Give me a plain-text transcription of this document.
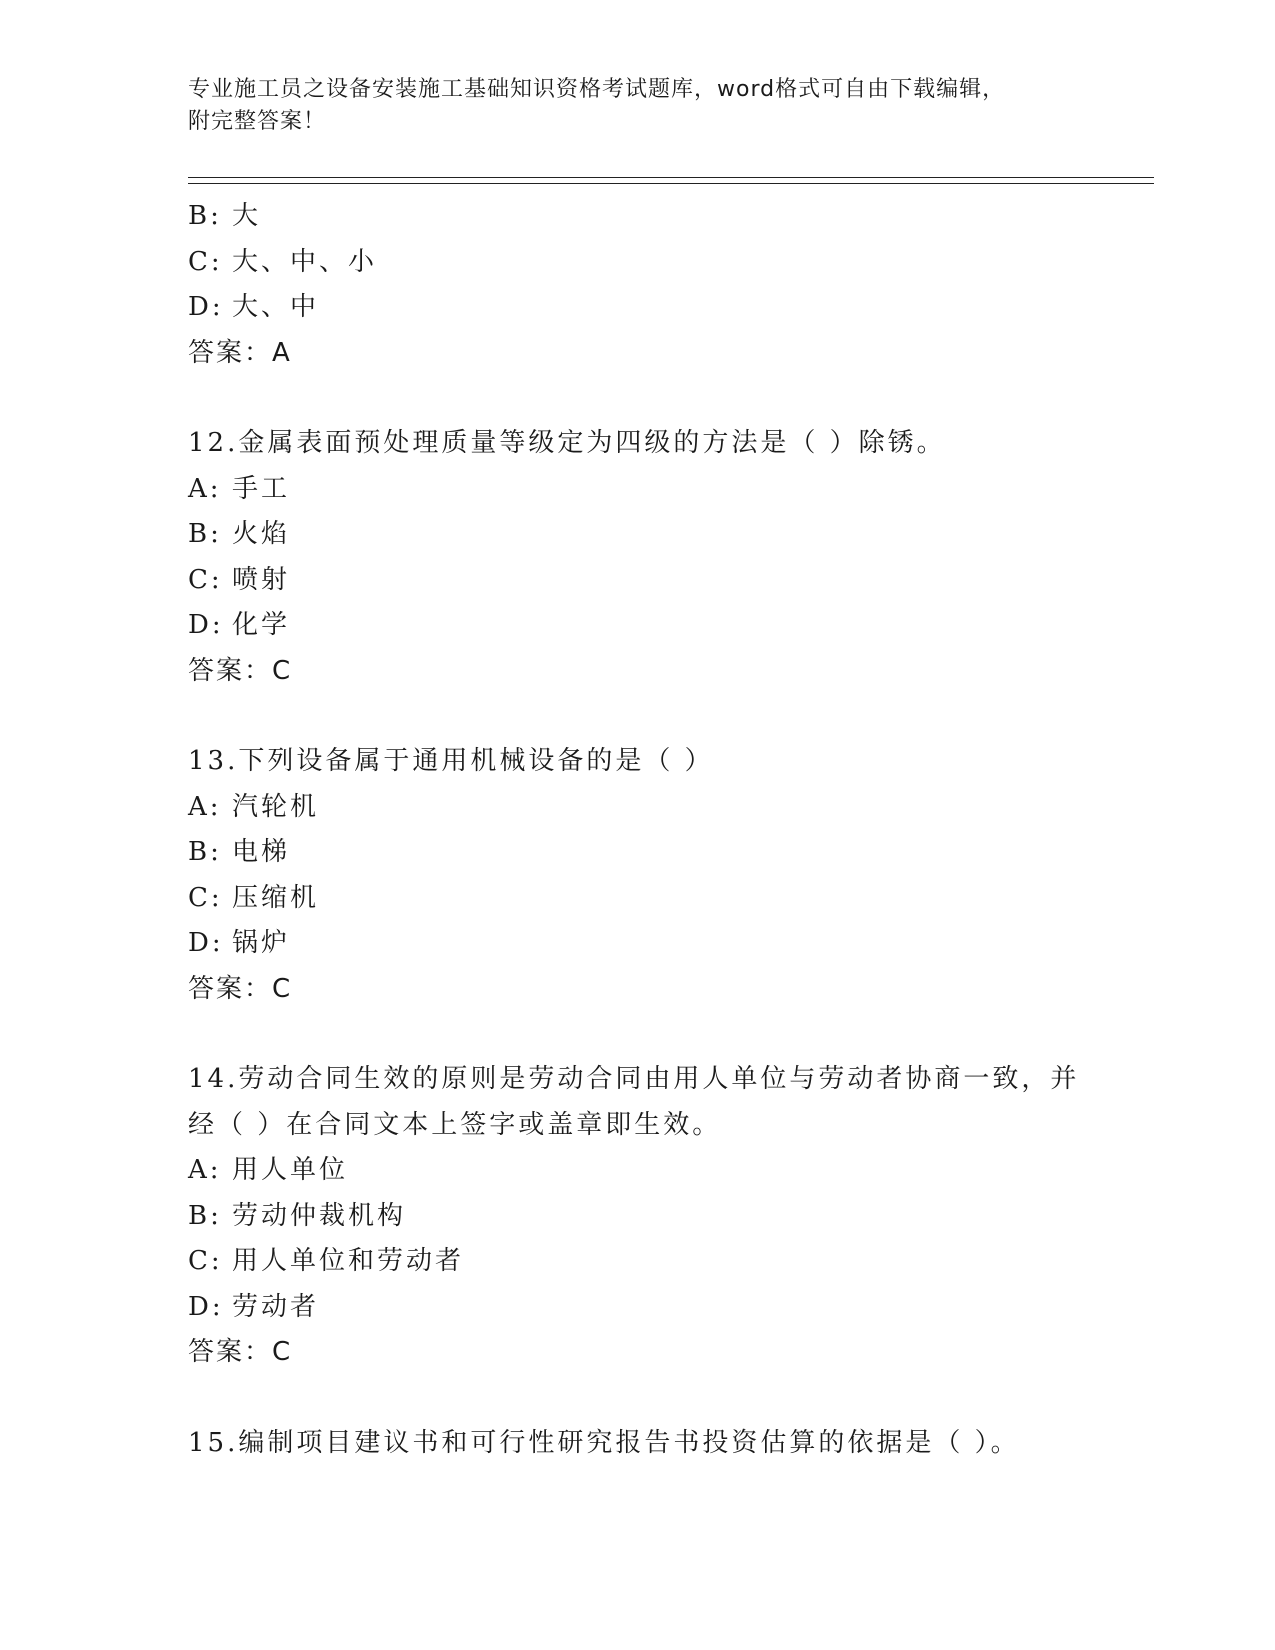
专业施工员之设备安装施工基础知识资格考试题库，word格式可自由下载编辑，
附完整答案！
B: 大
C: 大、中、小
D: 大、中
答案：A
12.金属表面预处理质量等级定为四级的方法是（ ）除锈。
A: 手工
B: 火焰
C: 喷射
D: 化学
答案：C
13.下列设备属于通用机械设备的是（ ）
A: 汽轮机
B: 电梯
C: 压缩机
D: 锅炉
答案：C
14.劳动合同生效的原则是劳动合同由用人单位与劳动者协商一致，并
经（ ）在合同文本上签字或盖章即生效。
A: 用人单位
B: 劳动仲裁机构
C: 用人单位和劳动者
D: 劳动者
答案：C
15.编制项目建议书和可行性研究报告书投资估算的依据是（ ）。
